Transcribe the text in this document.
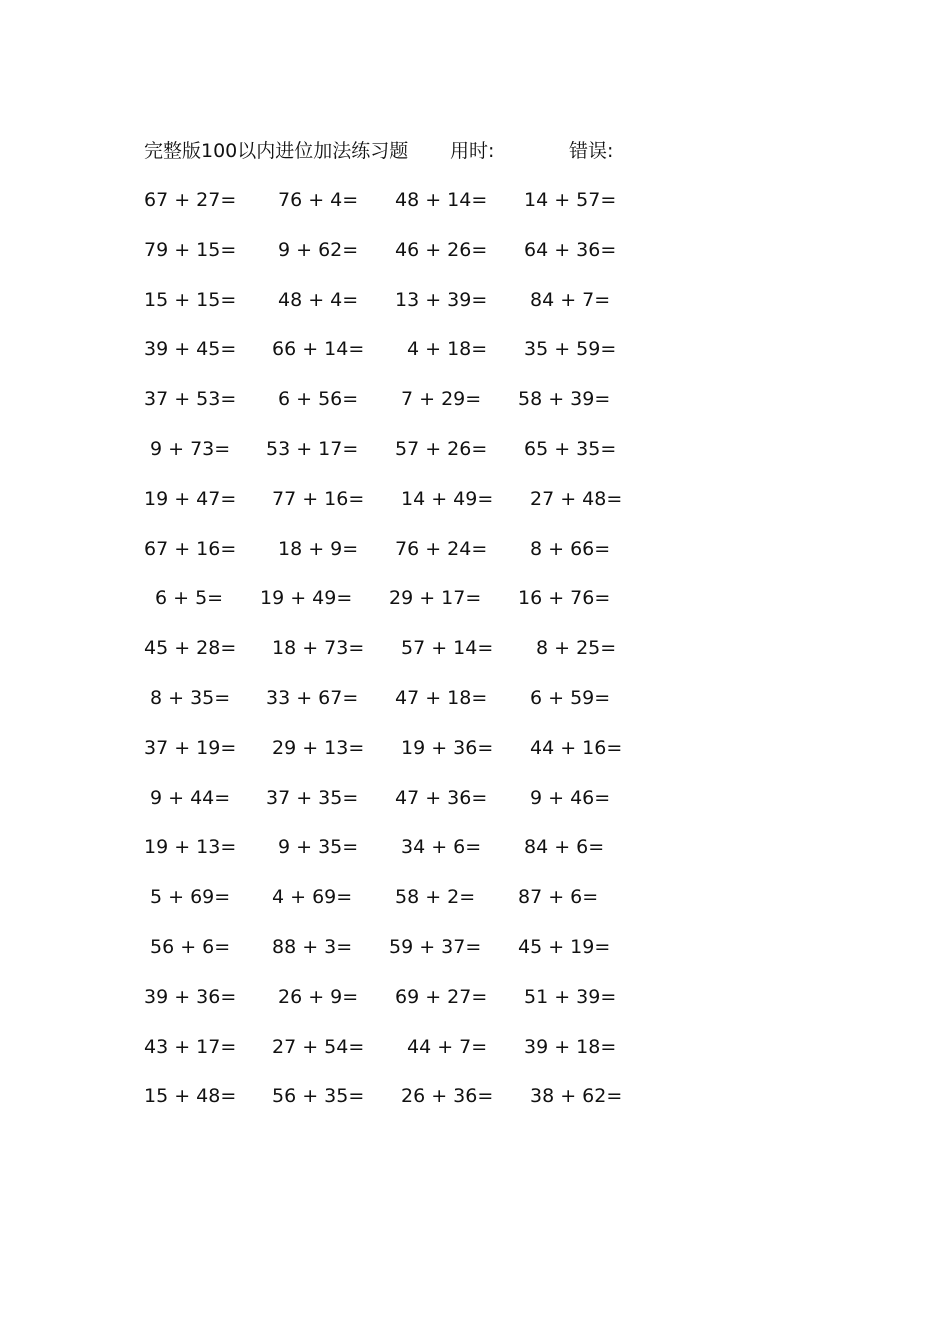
完整版100以内进位加法练习题 用时:	错误:
67 + 27= 76 + 4= 48 + 14= 14 + 57=
79 + 15= 9 + 62= 46 + 26= 64 + 36=
15 + 15= 48 + 4= 13 + 39= 84 + 7=
39 + 45= 66 + 14= 4 + 18= 35 + 59=
37 + 53= 6 + 56= 7 + 29= 58 + 39=
9 + 73= 53 + 17= 57 + 26= 65 + 35=
19 + 47= 77 + 16= 14 + 49= 27 + 48=
67 + 16= 18 + 9= 76 + 24= 8 + 66=
6 + 5= 19 + 49= 29 + 17= 16 + 76=
45 + 28= 18 + 73= 57 + 14= 8 + 25=
8 + 35= 33 + 67= 47 + 18= 6 + 59=
37 + 19= 29 + 13= 19 + 36= 44 + 16=
9 + 44= 37 + 35= 47 + 36= 9 + 46=
19 + 13= 9 + 35= 34 + 6= 84 + 6=
5 + 69= 4 + 69= 58 + 2= 87 + 6=
56 + 6= 88 + 3= 59 + 37= 45 + 19=
39 + 36= 26 + 9= 69 + 27= 51 + 39=
43 + 17= 27 + 54= 44 + 7= 39 + 18=
15 + 48= 56 + 35= 26 + 36= 38 + 62=
